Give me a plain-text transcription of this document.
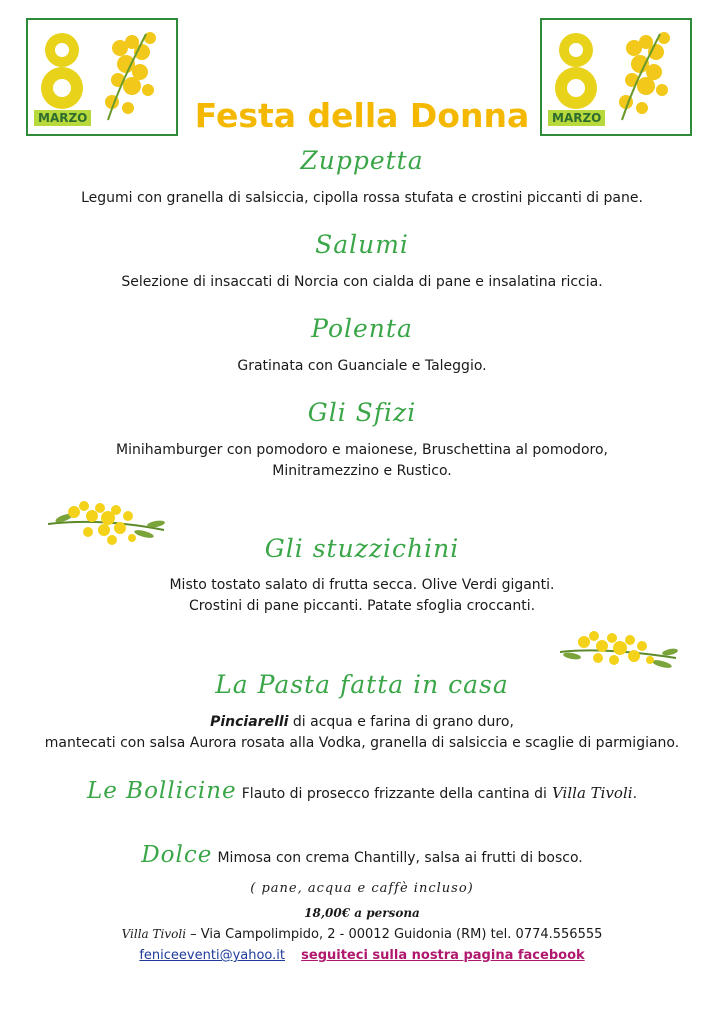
MARZO	MARZO
Festa della Donna
Zuppetta
Legumi con granella di salsiccia, cipolla rossa stufata e crostini piccanti di pane.
Salumi
Selezione di insaccati di Norcia con cialda di pane e insalatina riccia.
Polenta
Gratinata con Guanciale e Taleggio.
Gli Sfizi
Minihamburger con pomodoro e maionese, Bruschettina al pomodoro,
Minitramezzino e Rustico.
Gli stuzzichini
Misto tostato salato di frutta secca. Olive Verdi giganti.
Crostini di pane piccanti. Patate sfoglia croccanti.
La Pasta fatta in casa
Pinciarelli di acqua e farina di grano duro,
mantecati con salsa Aurora rosata alla Vodka, granella di salsiccia e scaglie di parmigiano.
Le Bollicine Flauto di prosecco frizzante della cantina di Villa Tivoli.
Dolce Mimosa con crema Chantilly, salsa ai frutti di bosco.
( pane, acqua e caffè incluso)
18,00€ a persona
Villa Tivoli – Via Campolimpido, 2 - 00012 Guidonia (RM) tel. 0774.556555
feniceeventi@yahoo.it seguiteci sulla nostra pagina facebook
